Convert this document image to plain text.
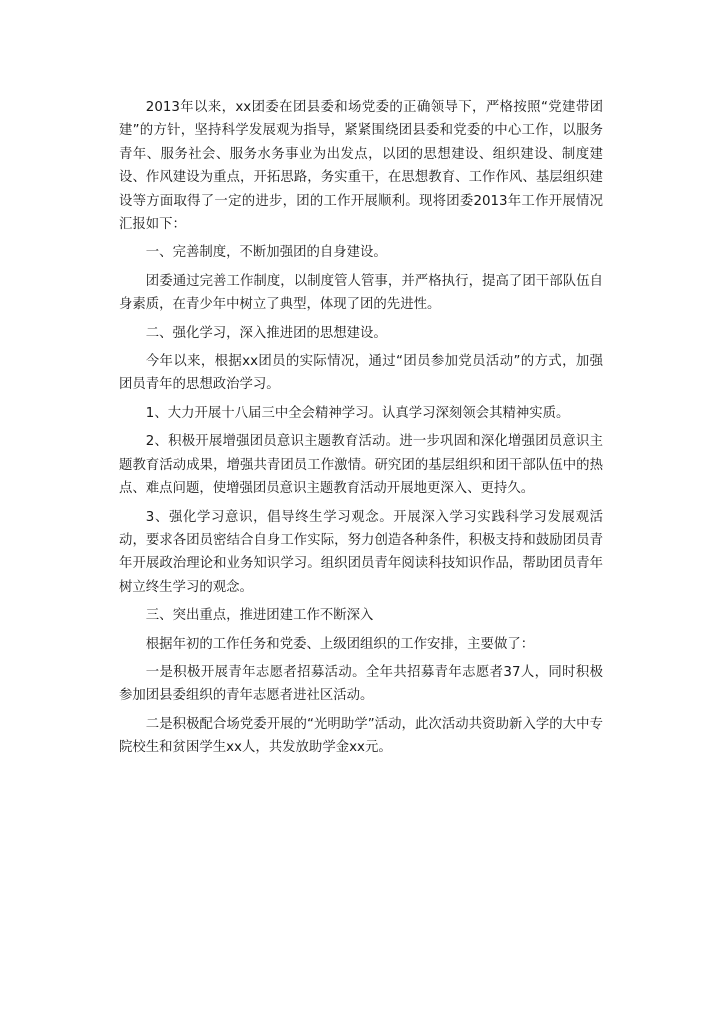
2013年以来，xx团委在团县委和场党委的正确领导下，严格按照“党建带团建”的方针，坚持科学发展观为指导，紧紧围绕团县委和党委的中心工作，以服务青年、服务社会、服务水务事业为出发点，以团的思想建设、组织建设、制度建设、作风建设为重点，开拓思路，务实重干，在思想教育、工作作风、基层组织建设等方面取得了一定的进步，团的工作开展顺利。现将团委2013年工作开展情况汇报如下：

一、完善制度，不断加强团的自身建设。

团委通过完善工作制度，以制度管人管事，并严格执行，提高了团干部队伍自身素质，在青少年中树立了典型，体现了团的先进性。

二、强化学习，深入推进团的思想建设。

今年以来，根据xx团员的实际情况，通过“团员参加党员活动”的方式，加强团员青年的思想政治学习。

1、大力开展十八届三中全会精神学习。认真学习深刻领会其精神实质。

2、积极开展增强团员意识主题教育活动。进一步巩固和深化增强团员意识主题教育活动成果，增强共青团员工作激情。研究团的基层组织和团干部队伍中的热点、难点问题，使增强团员意识主题教育活动开展地更深入、更持久。

3、强化学习意识，倡导终生学习观念。开展深入学习实践科学习发展观活动，要求各团员密结合自身工作实际，努力创造各种条件，积极支持和鼓励团员青年开展政治理论和业务知识学习。组织团员青年阅读科技知识作品，帮助团员青年树立终生学习的观念。

三、突出重点，推进团建工作不断深入

根据年初的工作任务和党委、上级团组织的工作安排，主要做了：

一是积极开展青年志愿者招募活动。全年共招募青年志愿者37人，同时积极参加团县委组织的青年志愿者进社区活动。

二是积极配合场党委开展的“光明助学”活动，此次活动共资助新入学的大中专院校生和贫困学生xx人，共发放助学金xx元。
